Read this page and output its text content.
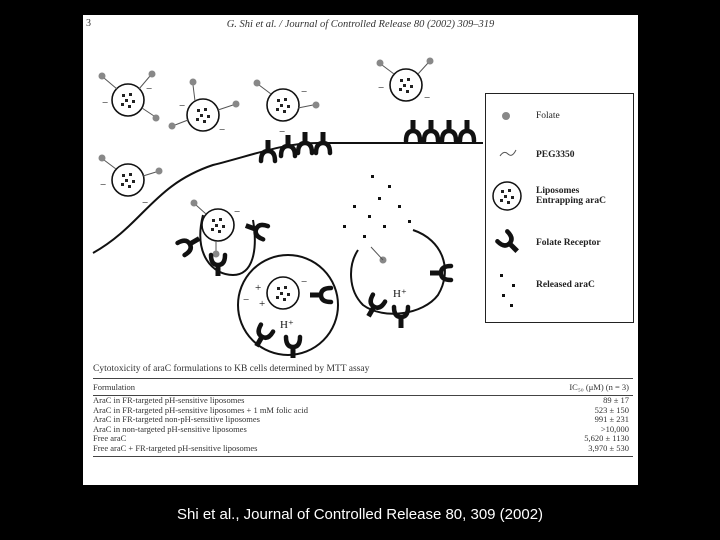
3	G. Shi et al. / Journal of Controlled Release 80 (2002) 309–319
−
−
−
−
−
−
−
−
−
−
−
+
+
−
−
H⁺
H⁺
Folate
PEG3350
Liposomes Entrapping araC
Folate Receptor
Released araC
Cytotoxicity of araC formulations to KB cells determined by MTT assay
Formulation	IC₅₀ (μM) (n = 3)
AraC in FR-targeted pH-sensitive liposomes	89 ± 17
AraC in FR-targeted pH-sensitive liposomes + 1 mM folic acid	523 ± 150
AraC in FR-targeted non-pH-sensitive liposomes	991 ± 231
AraC in non-targeted pH-sensitive liposomes	>10,000
Free araC	5,620 ± 1130
Free araC + FR-targeted pH-sensitive liposomes	3,970 ± 530
Shi et al., Journal of Controlled Release 80, 309 (2002)
